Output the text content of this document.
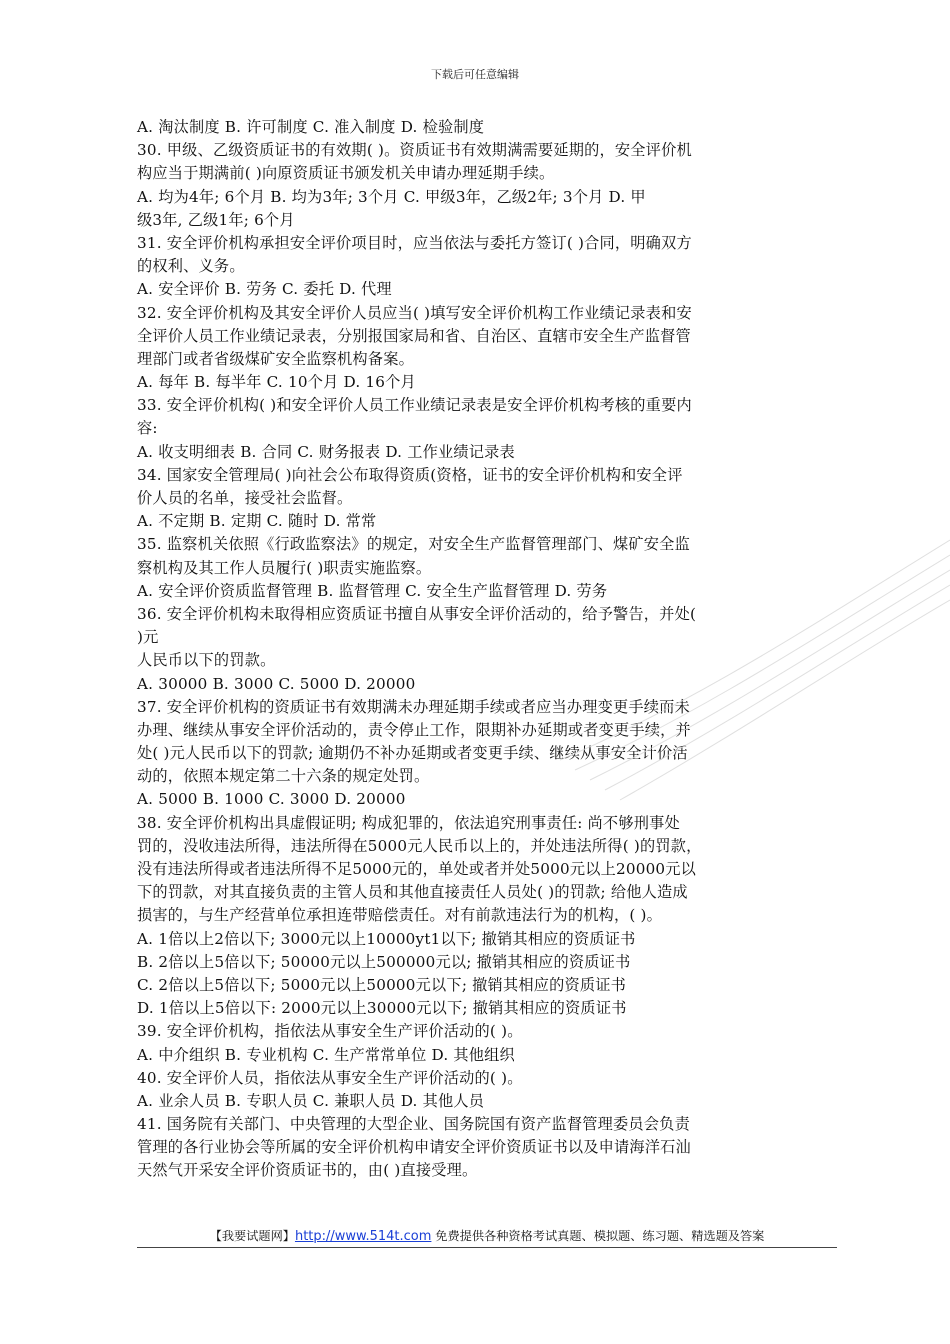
下载后可任意编辑
A. 淘汰制度 B. 许可制度 C. 准入制度 D. 检验制度
30. 甲级、乙级资质证书的有效期( )。资质证书有效期满需要延期的，安全评价机
构应当于期满前( )向原资质证书颁发机关申请办理延期手续。
A. 均为4年; 6个月 B. 均为3年; 3个月 C. 甲级3年，乙级2年; 3个月 D. 甲
级3年, 乙级1年; 6个月
31. 安全评价机构承担安全评价项目时，应当依法与委托方签订( )合同，明确双方
的权利、义务。
A. 安全评价 B. 劳务 C. 委托 D. 代理
32. 安全评价机构及其安全评价人员应当( )填写安全评价机构工作业绩记录表和安
全评价人员工作业绩记录表，分别报国家局和省、自治区、直辖市安全生产监督管
理部门或者省级煤矿安全监察机构备案。
A. 每年 B. 每半年 C. 10个月 D. 16个月
33. 安全评价机构( )和安全评价人员工作业绩记录表是安全评价机构考核的重要内
容:
A. 收支明细表 B. 合同 C. 财务报表 D. 工作业绩记录表
34. 国家安全管理局( )向社会公布取得资质(资格，证书的安全评价机构和安全评
价人员的名单，接受社会监督。
A. 不定期 B. 定期 C. 随时 D. 常常
35. 监察机关依照《行政监察法》的规定，对安全生产监督管理部门、煤矿安全监
察机构及其工作人员履行( )职责实施监察。
A. 安全评价资质监督管理 B. 监督管理 C. 安全生产监督管理 D. 劳务
36. 安全评价机构未取得相应资质证书擅自从事安全评价活动的，给予警告，并处(
)元
人民币以下的罚款。
A. 30000 B. 3000 C. 5000 D. 20000
37. 安全评价机构的资质证书有效期满未办理延期手续或者应当办理变更手续而未
办理、继续从事安全评价活动的，责令停止工作，限期补办延期或者变更手续，并
处( )元人民币以下的罚款; 逾期仍不补办延期或者变更手续、继续从事安全计价活
动的，依照本规定第二十六条的规定处罚。
A. 5000 B. 1000 C. 3000 D. 20000
38. 安全评价机构出具虚假证明; 构成犯罪的，依法追究刑事责任: 尚不够刑事处
罚的，没收违法所得，违法所得在5000元人民币以上的，并处违法所得( )的罚款，
没有违法所得或者违法所得不足5000元的，单处或者并处5000元以上20000元以
下的罚款，对其直接负责的主管人员和其他直接责任人员处( )的罚款; 给他人造成
损害的，与生产经营单位承担连带赔偿责任。对有前款违法行为的机构，( )。
A. 1倍以上2倍以下; 3000元以上10000yt1以下; 撤销其相应的资质证书
B. 2倍以上5倍以下; 50000元以上500000元以; 撤销其相应的资质证书
C. 2倍以上5倍以下; 5000元以上50000元以下; 撤销其相应的资质证书
D. 1倍以上5倍以下: 2000元以上30000元以下; 撤销其相应的资质证书
39. 安全评价机构，指依法从事安全生产评价活动的( )。
A. 中介组织 B. 专业机构 C. 生产常常单位 D. 其他组织
40. 安全评价人员，指依法从事安全生产评价活动的( )。
A. 业余人员 B. 专职人员 C. 兼职人员 D. 其他人员
41. 国务院有关部门、中央管理的大型企业、国务院国有资产监督管理委员会负责
管理的各行业协会等所属的安全评价机构申请安全评价资质证书以及申请海洋石汕
天然气开采安全评价资质证书的，由( )直接受理。
【我要试题网】http://www.514t.com 免费提供各种资格考试真题、模拟题、练习题、精选题及答案
